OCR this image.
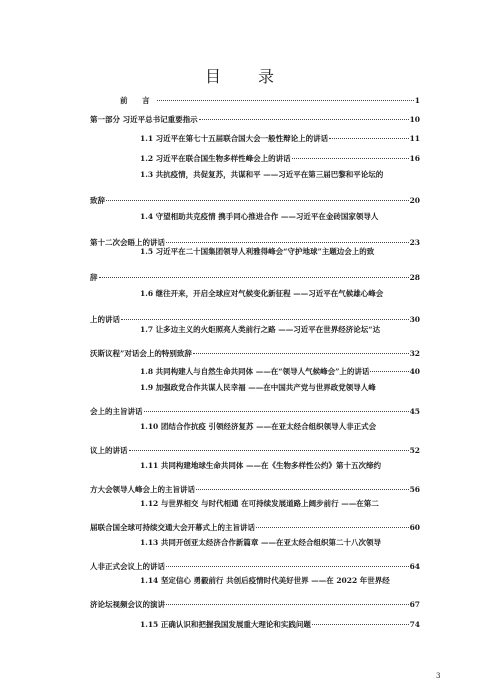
目 录
前 言	1
第一部分 习近平总书记重要指示	10
1.1 习近平在第七十五届联合国大会一般性辩论上的讲话	11
1.2 习近平在联合国生物多样性峰会上的讲话	16
1.3 共抗疫情，共促复苏，共谋和平 ——习近平在第三届巴黎和平论坛的
致辞	20
1.4 守望相助共克疫情 携手同心推进合作 ——习近平在金砖国家领导人
第十二次会晤上的讲话	23
1.5 习近平在二十国集团领导人利雅得峰会“守护地球”主题边会上的致
辞	28
1.6 继往开来，开启全球应对气候变化新征程 ——习近平在气候雄心峰会
上的讲话	30
1.7 让多边主义的火炬照亮人类前行之路 ——习近平在世界经济论坛“达
沃斯议程”对话会上的特别致辞	32
1.8 共同构建人与自然生命共同体 ——在“领导人气候峰会”上的讲话	40
1.9 加强政党合作共谋人民幸福 ——在中国共产党与世界政党领导人峰
会上的主旨讲话	45
1.10 团结合作抗疫 引领经济复苏 ——在亚太经合组织领导人非正式会
议上的讲话	52
1.11 共同构建地球生命共同体 ——在《生物多样性公约》第十五次缔约
方大会领导人峰会上的主旨讲话	56
1.12 与世界相交 与时代相通 在可持续发展道路上阔步前行 ——在第二
届联合国全球可持续交通大会开幕式上的主旨讲话	60
1.13 共同开创亚太经济合作新篇章 ——在亚太经合组织第二十八次领导
人非正式会议上的讲话	64
1.14 坚定信心 勇毅前行 共创后疫情时代美好世界 ——在 2022 年世界经
济论坛视频会议的演讲	67
1.15 正确认识和把握我国发展重大理论和实践问题	74
3
